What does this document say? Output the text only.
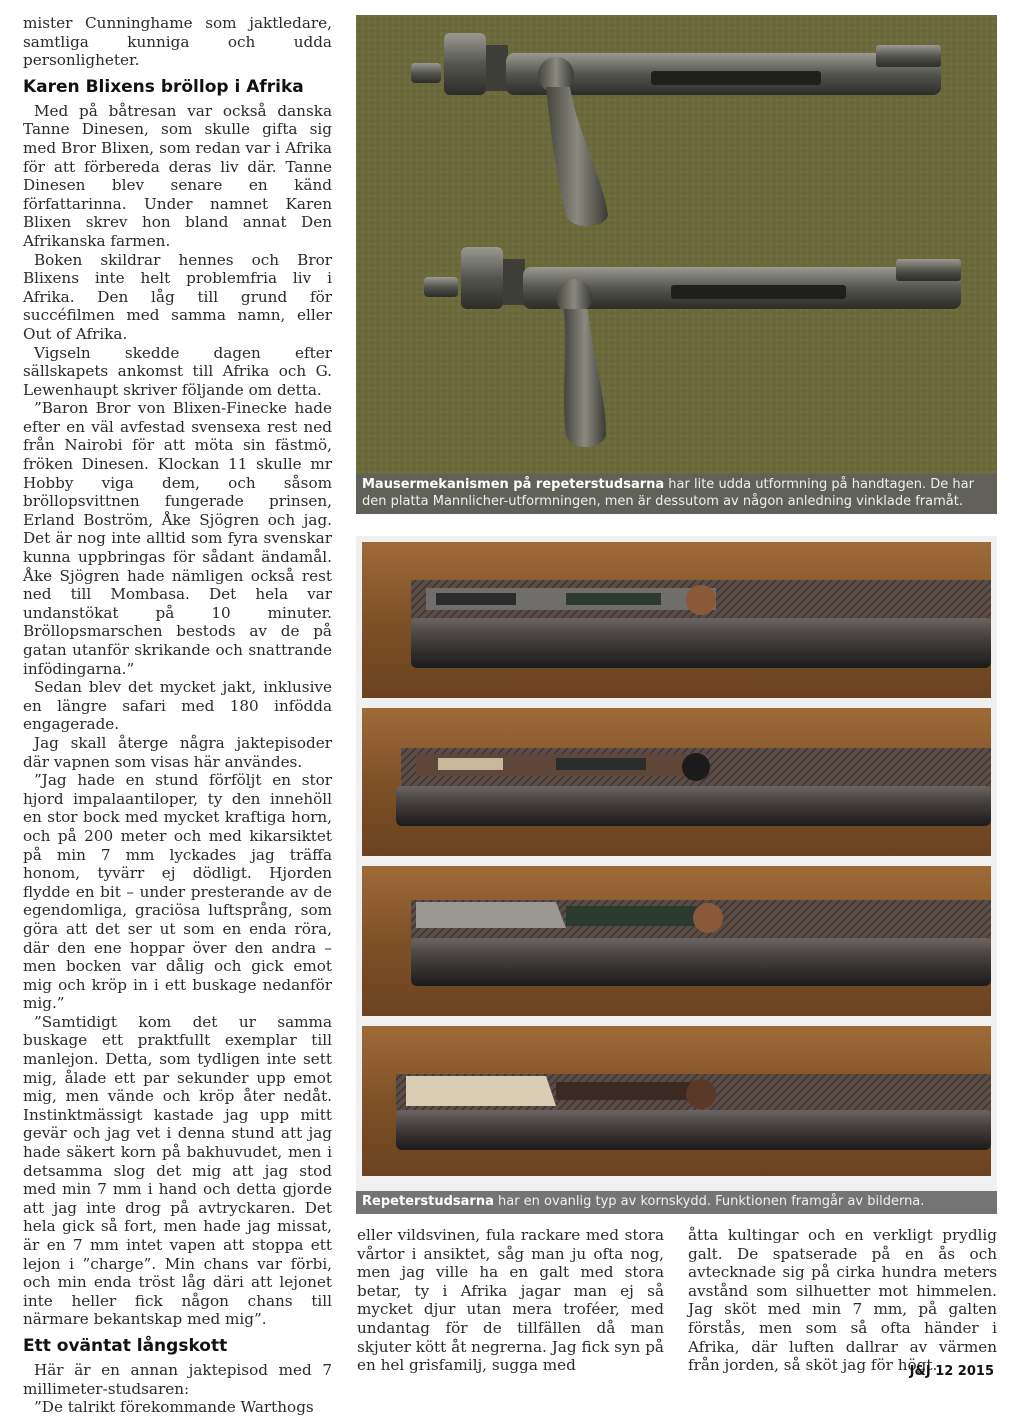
mister Cunninghame som jaktledare, samtliga kunniga och udda personligheter.

Karen Blixens bröllop i Afrika

Med på båtresan var också danska Tanne Dinesen, som skulle gifta sig med Bror Blixen, som redan var i Afrika för att förbereda deras liv där. Tanne Dinesen blev senare en känd författarinna. Under namnet Karen Blixen skrev hon bland annat Den Afrikanska farmen.

Boken skildrar hennes och Bror Blixens inte helt problemfria liv i Afrika. Den låg till grund för succéfilmen med samma namn, eller Out of Afrika.

Vigseln skedde dagen efter sällskapets ankomst till Afrika och G. Lewenhaupt skriver följande om detta.

”Baron Bror von Blixen-Finecke hade efter en väl avfestad svensexa rest ned från Nairobi för att möta sin fästmö, fröken Dinesen. Klockan 11 skulle mr Hobby viga dem, och såsom bröllopsvittnen fungerade prinsen, Erland Boström, Åke Sjögren och jag. Det är nog inte alltid som fyra svenskar kunna uppbringas för sådant ändamål. Åke Sjögren hade nämligen också rest ned till Mombasa. Det hela var undanstökat på 10 minuter. Bröllopsmarschen bestods av de på gatan utanför skrikande och snattrande infödingarna.”

Sedan blev det mycket jakt, inklusive en längre safari med 180 infödda engagerade.

Jag skall återge några jaktepisoder där vapnen som visas här användes.

”Jag hade en stund förföljt en stor hjord impalaantiloper, ty den innehöll en stor bock med mycket kraftiga horn, och på 200 meter och med kikarsiktet på min 7 mm lyckades jag träffa honom, tyvärr ej dödligt. Hjorden flydde en bit – under presterande av de egendomliga, graciösa luftsprång, som göra att det ser ut som en enda röra, där den ene hoppar över den andra – men bocken var dålig och gick emot mig och kröp in i ett buskage nedanför mig.”

”Samtidigt kom det ur samma buskage ett praktfullt exemplar till manlejon. Detta, som tydligen inte sett mig, ålade ett par sekunder upp emot mig, men vände och kröp åter nedåt. Instinktmässigt kastade jag upp mitt gevär och jag vet i denna stund att jag hade säkert korn på bakhuvudet, men i detsamma slog det mig att jag stod med min 7 mm i hand och detta gjorde att jag inte drog på avtryckaren. Det hela gick så fort, men hade jag missat, är en 7 mm intet vapen att stoppa ett lejon i ”charge”. Min chans var förbi, och min enda tröst låg däri att lejonet inte heller fick någon chans till närmare bekantskap med mig”.

Ett oväntat långskott

Här är en annan jaktepisod med 7 millimeter-studsaren:

”De talrikt förekommande Warthogs

Mausermekanismen på repeterstudsarna har lite udda utformning på handtagen. De har den platta Mannlicher-utformningen, men är dessutom av någon anledning vinklade framåt.
Repeterstudsarna har en ovanlig typ av kornskydd. Funktionen framgår av bilderna.

eller vildsvinen, fula rackare med stora vårtor i ansiktet, såg man ju ofta nog, men jag ville ha en galt med stora betar, ty i Afrika jagar man ej så mycket djur utan mera troféer, med undantag för de tillfällen då man skjuter kött åt negrerna. Jag fick syn på en hel grisfamilj, sugga med

åtta kultingar och en verkligt prydlig galt. De spatserade på en ås och avtecknade sig på cirka hundra meters avstånd som silhuetter mot himmelen. Jag sköt med min 7 mm, på galten förstås, men som så ofta händer i Afrika, där luften dallrar av värmen från jorden, så sköt jag för högt.

J&J 12 2015
